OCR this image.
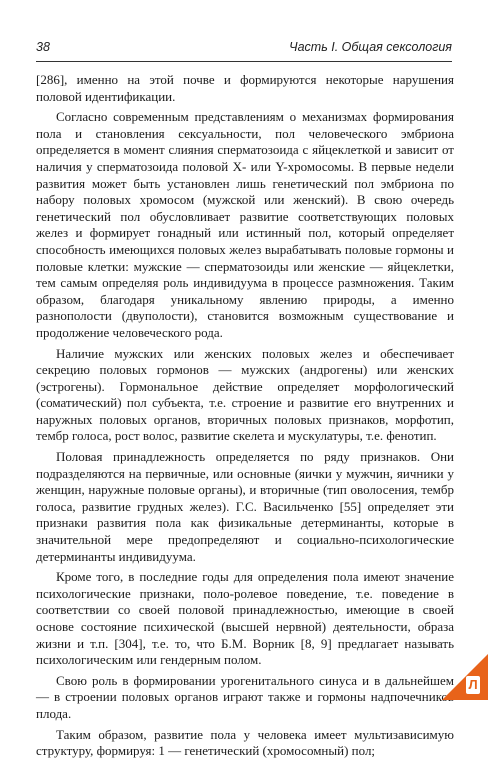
38	Часть I. Общая сексология

[286], именно на этой почве и формируются некоторые нарушения половой идентификации.

Согласно современным представлениям о механизмах формирования пола и становления сексуальности, пол человеческого эмбриона определяется в момент слияния сперматозоида с яйцеклеткой и зависит от наличия у сперматозоида половой X- или Y-хромосомы. В первые недели развития может быть установлен лишь генетический пол эмбриона по набору половых хромосом (мужской или женский). В свою очередь генетический пол обусловливает развитие соответствующих половых желез и формирует гонадный или истинный пол, который определяет способность имеющихся половых желез вырабатывать половые гормоны и половые клетки: мужские — сперматозоиды или женские — яйцеклетки, тем самым определяя роль индивидуума в процессе размножения. Таким образом, благодаря уникальному явлению природы, а именно разнополости (двуполости), становится возможным существование и продолжение человеческого рода.

Наличие мужских или женских половых желез и обеспечивает секрецию половых гормонов — мужских (андрогены) или женских (эстрогены). Гормональное действие определяет морфологический (соматический) пол субъекта, т.е. строение и развитие его внутренних и наружных половых органов, вторичных половых признаков, морфотип, тембр голоса, рост волос, развитие скелета и мускулатуры, т.е. фенотип.

Половая принадлежность определяется по ряду признаков. Они подразделяются на первичные, или основные (яички у мужчин, яичники у женщин, наружные половые органы), и вторичные (тип оволосения, тембр голоса, развитие грудных желез). Г.С. Васильченко [55] определяет эти признаки развития пола как физикальные детерминанты, которые в значительной мере предопределяют и социально-психологические детерминанты индивидуума.

Кроме того, в последние годы для определения пола имеют значение психологические признаки, поло-ролевое поведение, т.е. поведение в соответствии со своей половой принадлежностью, имеющие в своей основе состояние психической (высшей нервной) деятельности, образа жизни и т.п. [304], т.е. то, что Б.М. Ворник [8, 9] предлагает называть психологическим или гендерным полом.

Свою роль в формировании урогенитального синуса и в дальнейшем — в строении половых органов играют также и гормоны надпочечников плода.

Таким образом, развитие пола у человека имеет мультизависимую структуру, формируя: 1 — генетический (хромосомный) пол;

Л
